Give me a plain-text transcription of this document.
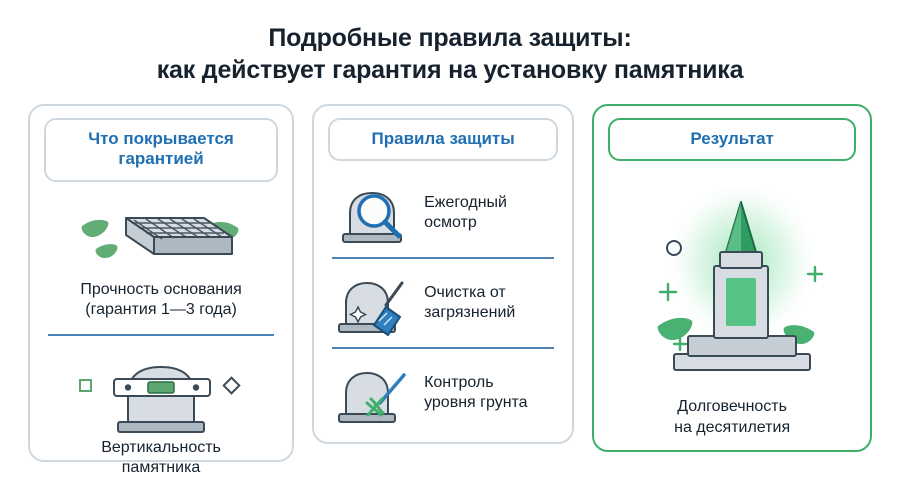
Подробные правила защиты:
как действует гарантия на установку памятника
Что покрывается гарантией
Прочность основания
(гарантия 1—3 года)
Вертикальность
памятника
Правила защиты
Ежегодный
осмотр
Очистка от
загрязнений
Контроль
уровня грунта
Результат
Долговечность
на десятилетия
